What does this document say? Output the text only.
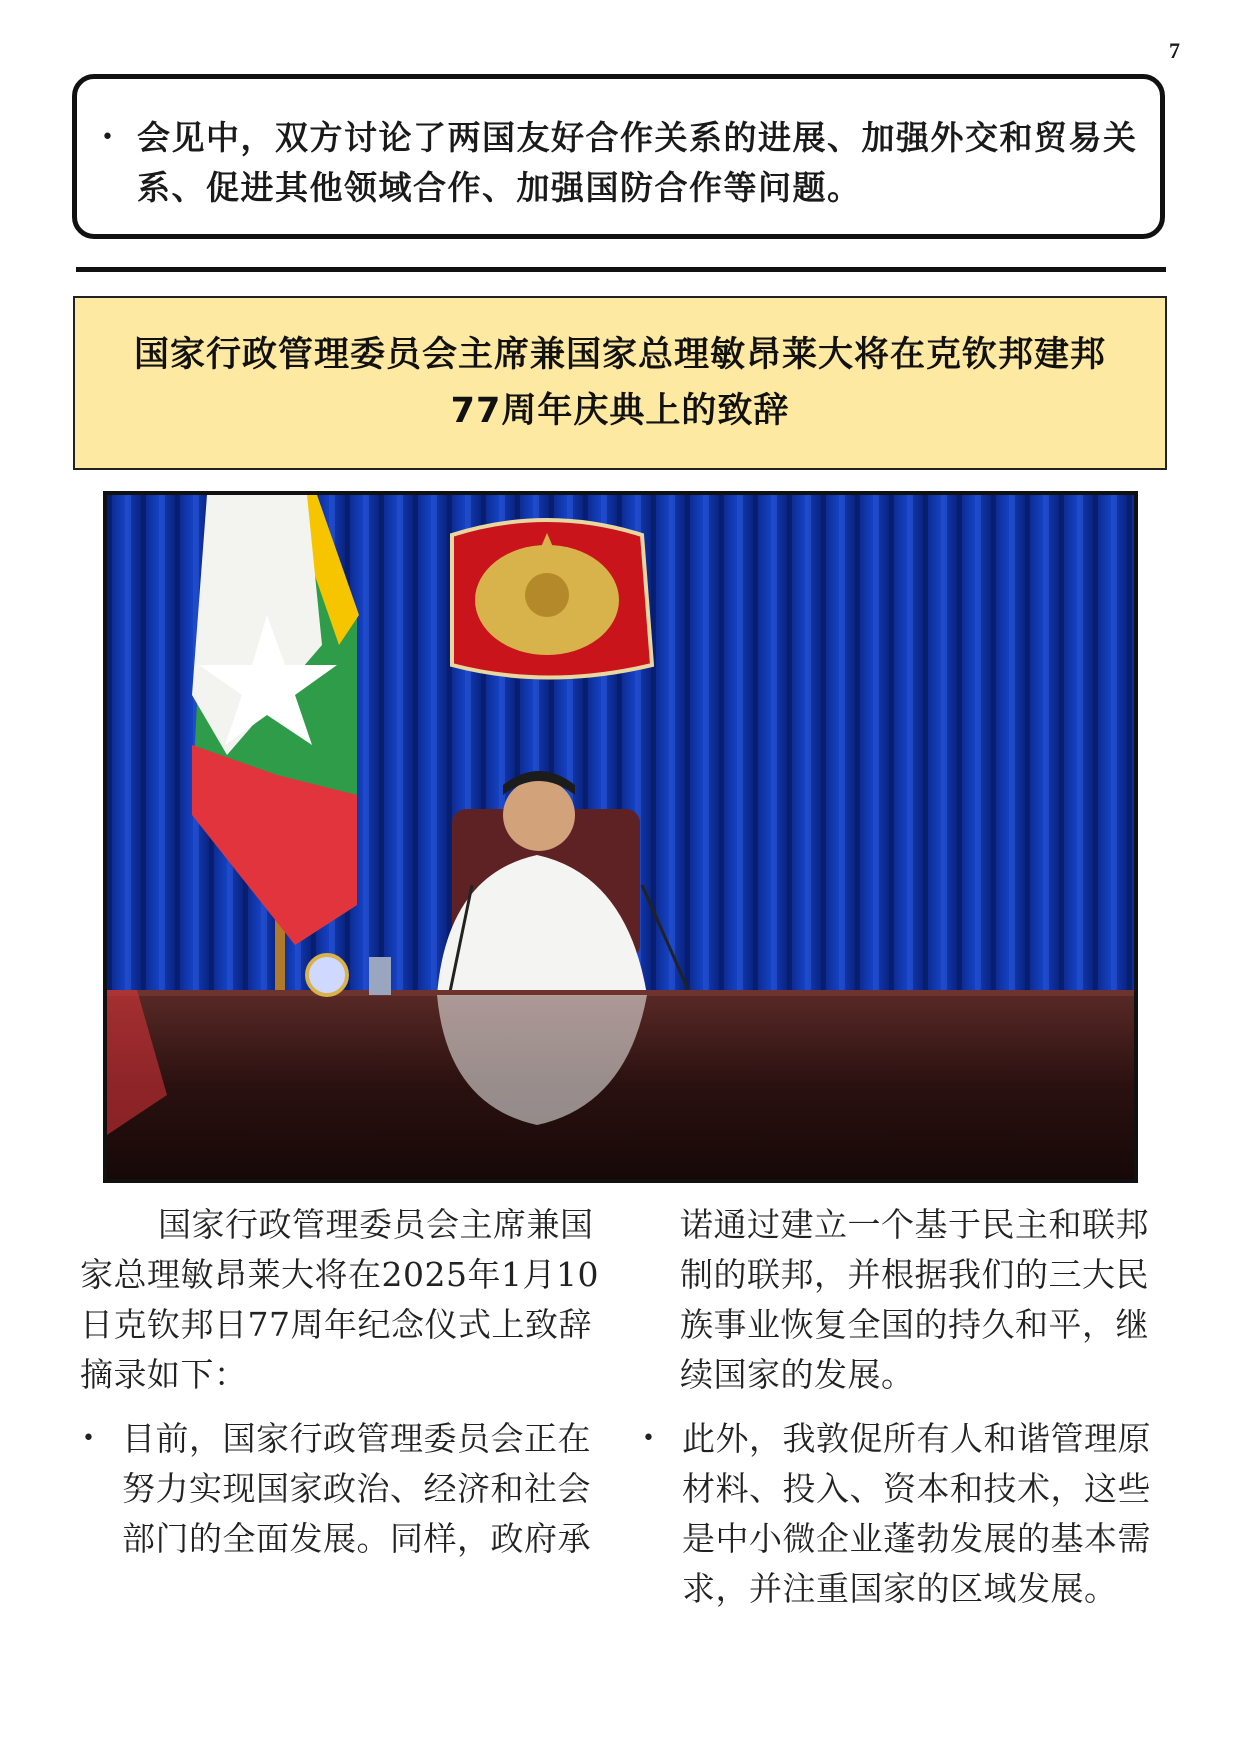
7
• 会见中，双方讨论了两国友好合作关系的进展、加强外交和贸易关系、促进其他领域合作、加强国防合作等问题。
国家行政管理委员会主席兼国家总理敏昂莱大将在克钦邦建邦77周年庆典上的致辞

国家行政管理委员会主席兼国家总理敏昂莱大将在2025年1月10日克钦邦日77周年纪念仪式上致辞摘录如下：

• 目前，国家行政管理委员会正在努力实现国家政治、经济和社会部门的全面发展。同样，政府承

诺通过建立一个基于民主和联邦制的联邦，并根据我们的三大民族事业恢复全国的持久和平，继续国家的发展。

• 此外，我敦促所有人和谐管理原材料、投入、资本和技术，这些是中小微企业蓬勃发展的基本需求，并注重国家的区域发展。
